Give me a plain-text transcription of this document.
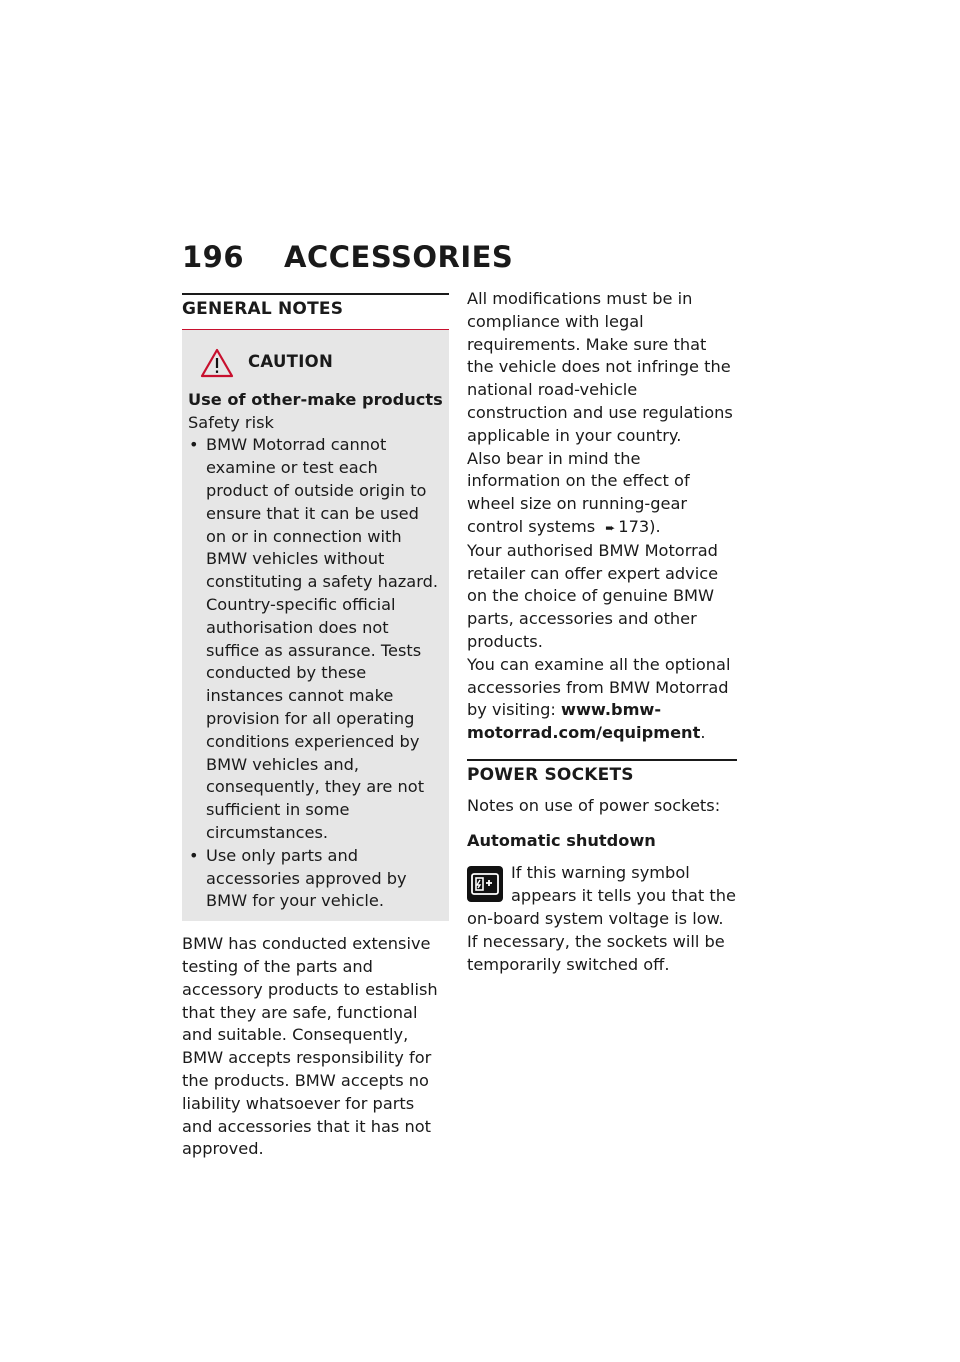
196 ACCESSORIES
GENERAL NOTES
CAUTION
Use of other-make products
Safety risk
• BMW Motorrad cannot examine or test each product of outside origin to ensure that it can be used on or in connection with BMW vehicles without constituting a safety hazard. Country-specific official authorisation does not suffice as assurance. Tests conducted by these instances cannot make provision for all operating conditions experienced by BMW vehicles and, consequently, they are not sufficient in some circumstances.
• Use only parts and accessories approved by BMW for your vehicle.

BMW has conducted extensive testing of the parts and accessory products to establish that they are safe, functional and suitable. Consequently, BMW accepts responsibility for the products. BMW accepts no liability whatsoever for parts and accessories that it has not approved.

All modifications must be in compliance with legal requirements. Make sure that the vehicle does not infringe the national road-vehicle construction and use regulations applicable in your country.

Also bear in mind the information on the effect of wheel size on running-gear control systems ➨ 173).

Your authorised BMW Motorrad retailer can offer expert advice on the choice of genuine BMW parts, accessories and other products.

You can examine all the optional accessories from BMW Motorrad by visiting: www.bmw-motorrad.com/equipment.

POWER SOCKETS

Notes on use of power sockets:

Automatic shutdown

If this warning symbol appears it tells you that the on-board system voltage is low. If necessary, the sockets will be temporarily switched off.
